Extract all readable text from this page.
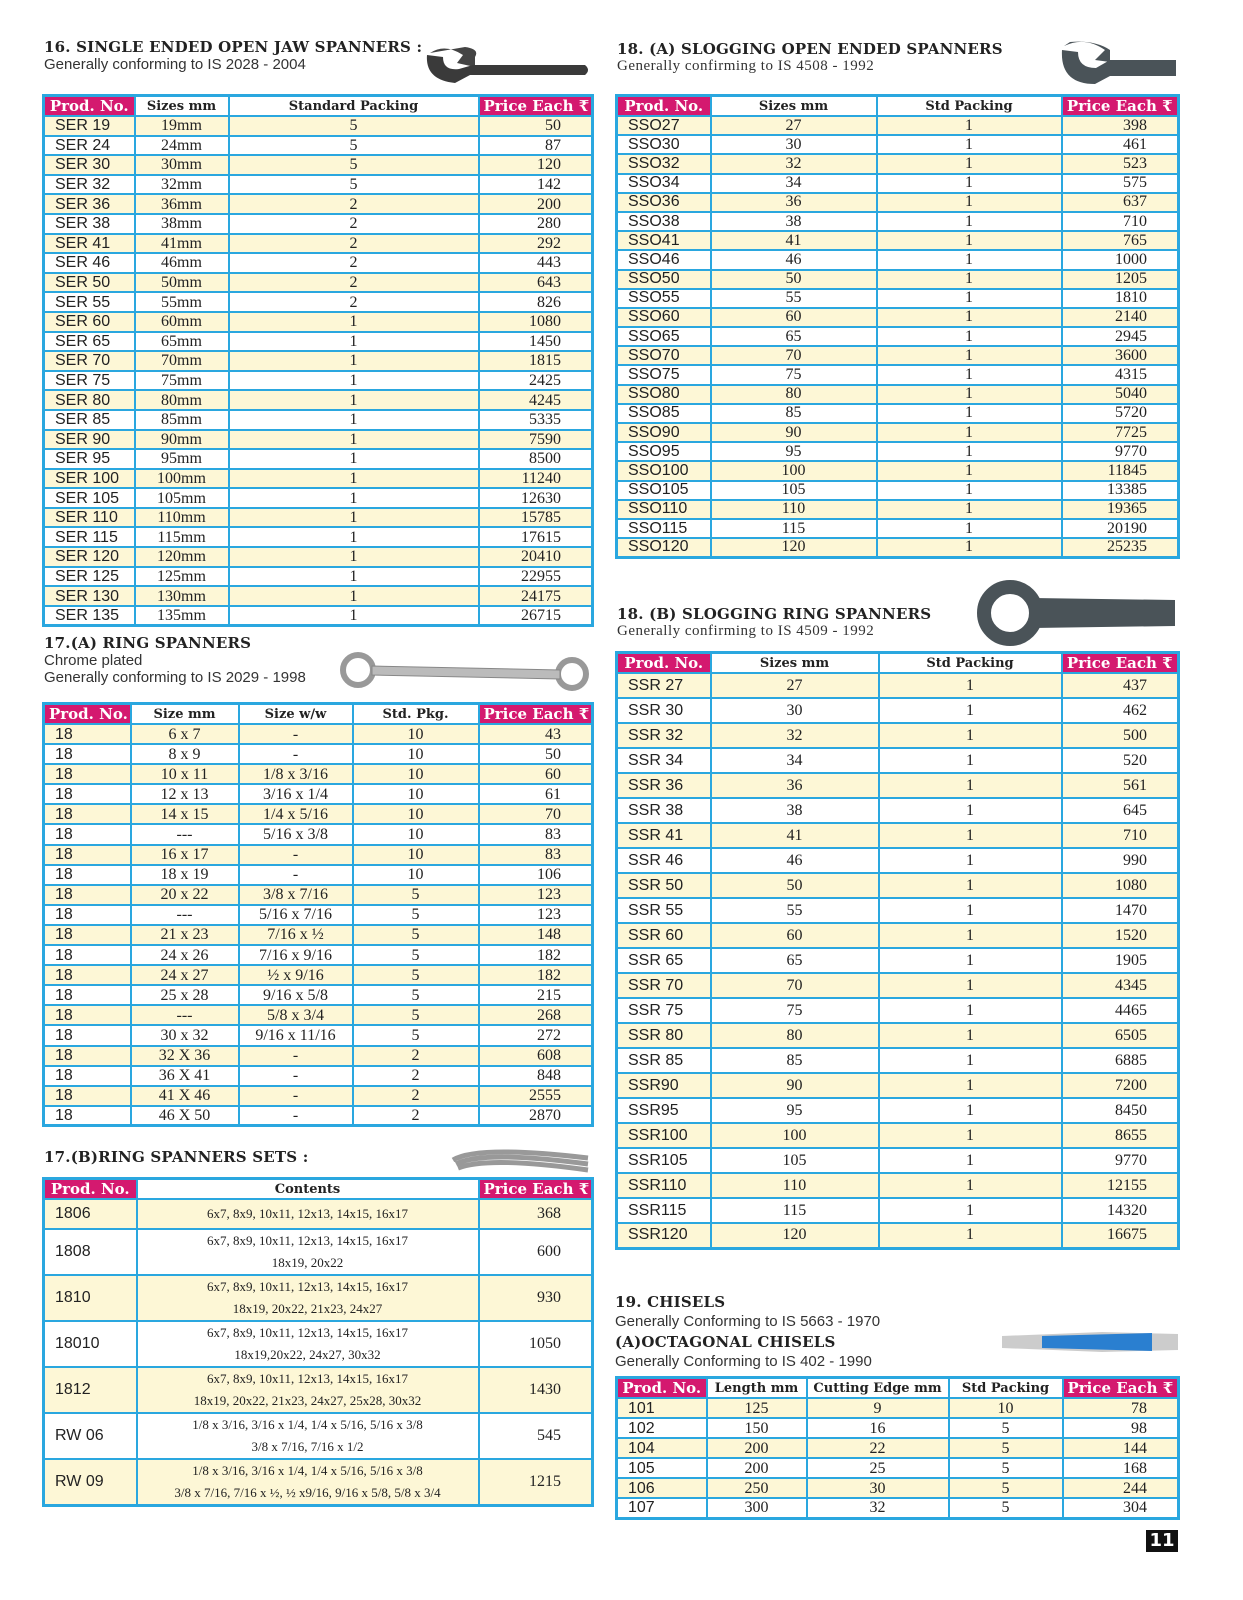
16. SINGLE ENDED OPEN JAW SPANNERS :
Generally conforming to IS 2028 - 2004
Prod. No.	Sizes mm	Standard Packing	Price Each ₹
SER 19	19mm	5	50
SER 24	24mm	5	87
SER 30	30mm	5	120
SER 32	32mm	5	142
SER 36	36mm	2	200
SER 38	38mm	2	280
SER 41	41mm	2	292
SER 46	46mm	2	443
SER 50	50mm	2	643
SER 55	55mm	2	826
SER 60	60mm	1	1080
SER 65	65mm	1	1450
SER 70	70mm	1	1815
SER 75	75mm	1	2425
SER 80	80mm	1	4245
SER 85	85mm	1	5335
SER 90	90mm	1	7590
SER 95	95mm	1	8500
SER 100	100mm	1	11240
SER 105	105mm	1	12630
SER 110	110mm	1	15785
SER 115	115mm	1	17615
SER 120	120mm	1	20410
SER 125	125mm	1	22955
SER 130	130mm	1	24175
SER 135	135mm	1	26715
17.(A) RING SPANNERS
Chrome plated
Generally conforming to IS 2029 - 1998
Prod. No.	Size mm	Size w/w	Std. Pkg.	Price Each ₹
18	6 x 7	-	10	43
18	8 x 9	-	10	50
18	10 x 11	1/8 x 3/16	10	60
18	12 x 13	3/16 x 1/4	10	61
18	14 x 15	1/4 x 5/16	10	70
18	---	5/16 x 3/8	10	83
18	16 x 17	-	10	83
18	18 x 19	-	10	106
18	20 x 22	3/8 x 7/16	5	123
18	---	5/16 x 7/16	5	123
18	21 x 23	7/16 x ½	5	148
18	24 x 26	7/16 x 9/16	5	182
18	24 x 27	½ x 9/16	5	182
18	25 x 28	9/16 x 5/8	5	215
18	---	5/8 x 3/4	5	268
18	30 x 32	9/16 x 11/16	5	272
18	32 X 36	-	2	608
18	36 X 41	-	2	848
18	41 X 46	-	2	2555
18	46 X 50	-	2	2870
17.(B)RING SPANNERS SETS :
Prod. No.	Contents	Price Each ₹
1806	6x7, 8x9, 10x11, 12x13, 14x15, 16x17	368
1808	6x7, 8x9, 10x11, 12x13, 14x15, 16x17
18x19, 20x22	600
1810	6x7, 8x9, 10x11, 12x13, 14x15, 16x17
18x19, 20x22, 21x23, 24x27	930
18010	6x7, 8x9, 10x11, 12x13, 14x15, 16x17
18x19,20x22, 24x27, 30x32	1050
1812	6x7, 8x9, 10x11, 12x13, 14x15, 16x17
18x19, 20x22, 21x23, 24x27, 25x28, 30x32	1430
RW 06	1/8 x 3/16, 3/16 x 1/4, 1/4 x 5/16, 5/16 x 3/8
3/8 x 7/16, 7/16 x 1/2	545
RW 09	1/8 x 3/16, 3/16 x 1/4, 1/4 x 5/16, 5/16 x 3/8
3/8 x 7/16, 7/16 x ½, ½ x9/16, 9/16 x 5/8, 5/8 x 3/4	1215
18. (A) SLOGGING OPEN ENDED SPANNERS
Generally confirming to IS 4508 - 1992
Prod. No.	Sizes mm	Std Packing	Price Each ₹
SSO27	27	1	398
SSO30	30	1	461
SSO32	32	1	523
SSO34	34	1	575
SSO36	36	1	637
SSO38	38	1	710
SSO41	41	1	765
SSO46	46	1	1000
SSO50	50	1	1205
SSO55	55	1	1810
SSO60	60	1	2140
SSO65	65	1	2945
SSO70	70	1	3600
SSO75	75	1	4315
SSO80	80	1	5040
SSO85	85	1	5720
SSO90	90	1	7725
SSO95	95	1	9770
SSO100	100	1	11845
SSO105	105	1	13385
SSO110	110	1	19365
SSO115	115	1	20190
SSO120	120	1	25235
18. (B) SLOGGING RING SPANNERS
Generally confirming to IS 4509 - 1992
Prod. No.	Sizes mm	Std Packing	Price Each ₹
SSR 27	27	1	437
SSR 30	30	1	462
SSR 32	32	1	500
SSR 34	34	1	520
SSR 36	36	1	561
SSR 38	38	1	645
SSR 41	41	1	710
SSR 46	46	1	990
SSR 50	50	1	1080
SSR 55	55	1	1470
SSR 60	60	1	1520
SSR 65	65	1	1905
SSR 70	70	1	4345
SSR 75	75	1	4465
SSR 80	80	1	6505
SSR 85	85	1	6885
SSR90	90	1	7200
SSR95	95	1	8450
SSR100	100	1	8655
SSR105	105	1	9770
SSR110	110	1	12155
SSR115	115	1	14320
SSR120	120	1	16675
19. CHISELS
Generally Conforming to IS 5663 - 1970
(A)OCTAGONAL CHISELS
Generally Conforming to IS 402 - 1990
Prod. No.	Length mm	Cutting Edge mm	Std Packing	Price Each ₹
101	125	9	10	78
102	150	16	5	98
104	200	22	5	144
105	200	25	5	168
106	250	30	5	244
107	300	32	5	304
11
